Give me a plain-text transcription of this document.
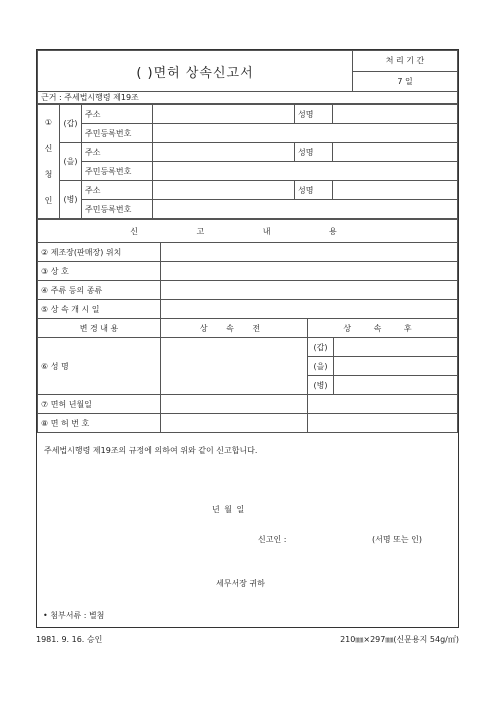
( )면허 상속신고서	처 리 기 간
7 일
근거 : 주세법시행령 제19조
①
신
청
인	(갑)	주소		성명	
		주민등록번호			
	(을)	주소		성명	
		주민등록번호			
	(병)	주소		성명	
		주민등록번호			
신 고 내 용			
② 제조장(판매장) 위치			
③ 상 호			
④ 주류 등의 종류			
⑤ 상 속 개 시 일			
변 경 내 용	상 속 전	상 속 후	
⑥ 성 명		(갑)	
		(을)	
		(병)	
⑦ 면허 년월일			
⑧ 면 허 번 호			
주세법시행령 제19조의 규정에 의하여 위와 같이 신고합니다.
년 월 일
신고인 :	(서명 또는 인)
세무서장 귀하
• 첨부서류 : 별첨
1981. 9. 16. 승인	210㎜×297㎜(신문용지 54g/㎡)
